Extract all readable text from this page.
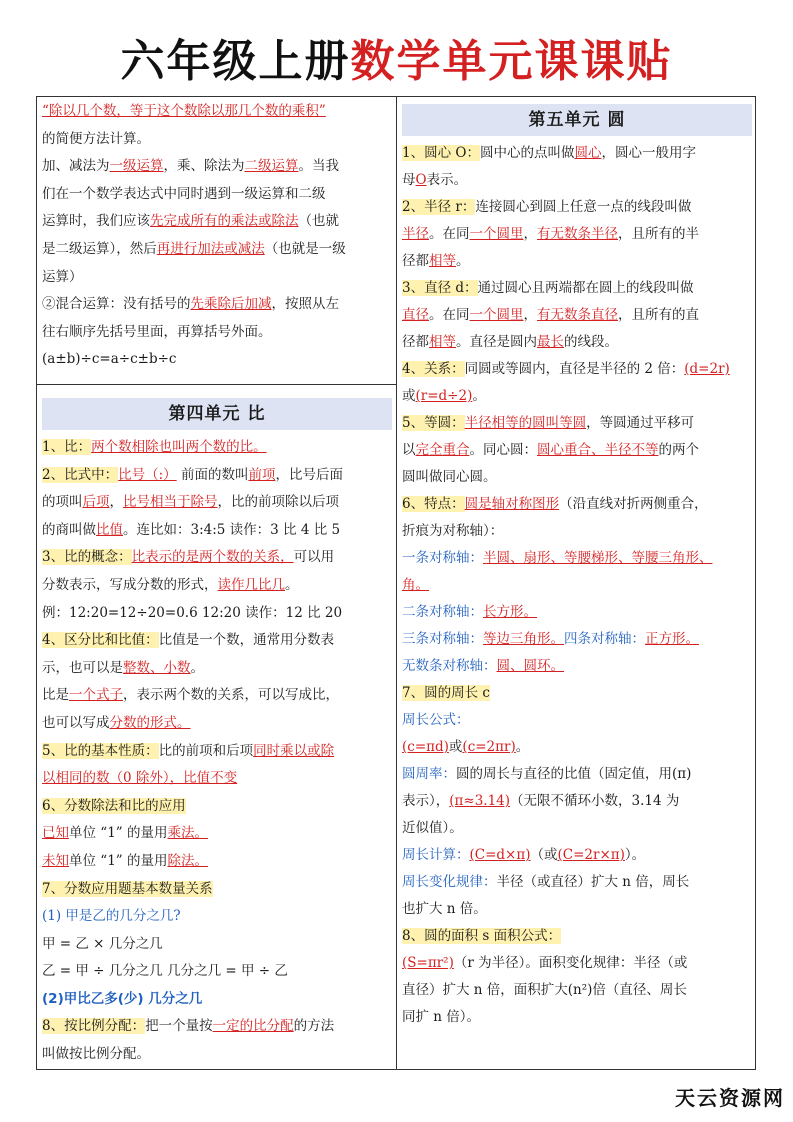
六年级上册数学单元课课贴
“除以几个数，等于这个数除以那几个数的乘积”
的简便方法计算。
加、减法为一级运算，乘、除法为二级运算。当我
们在一个数学表达式中同时遇到一级运算和二级
运算时，我们应该先完成所有的乘法或除法（也就
是二级运算），然后再进行加法或减法（也就是一级
运算）
②混合运算：没有括号的先乘除后加减，按照从左
往右顺序先括号里面，再算括号外面。
(a±b)÷c=a÷c±b÷c
第四单元 比
1、比：两个数相除也叫两个数的比。
2、比式中：比号（:） 前面的数叫前项，比号后面
的项叫后项，比号相当于除号，比的前项除以后项
的商叫做比值。连比如：3:4:5 读作：3 比 4 比 5
3、比的概念：比表示的是两个数的关系，可以用
分数表示，写成分数的形式，读作几比几。
例：12:20=12÷20=0.6 12:20 读作：12 比 20
4、区分比和比值：比值是一个数，通常用分数表
示，也可以是整数、小数。
比是一个式子，表示两个数的关系，可以写成比，
也可以写成分数的形式。
5、比的基本性质：比的前项和后项同时乘以或除
以相同的数（0 除外），比值不变
6、分数除法和比的应用
已知单位 “1” 的量用乘法。
未知单位 “1” 的量用除法。
7、分数应用题基本数量关系
(1) 甲是乙的几分之几?
甲 = 乙 × 几分之几
乙 = 甲 ÷ 几分之几 几分之几 = 甲 ÷ 乙
(2)甲比乙多(少) 几分之几
8、按比例分配：把一个量按一定的比分配的方法
叫做按比例分配。
第五单元 圆
1、圆心 O：圆中心的点叫做圆心，圆心一般用字
母O表示。
2、半径 r：连接圆心到圆上任意一点的线段叫做
半径。在同一个圆里，有无数条半径，且所有的半
径都相等。
3、直径 d：通过圆心且两端都在圆上的线段叫做
直径。在同一个圆里，有无数条直径，且所有的直
径都相等。直径是圆内最长的线段。
4、关系：同圆或等圆内，直径是半径的 2 倍：(d=2r)
或(r=d÷2)。
5、等圆：半径相等的圆叫等圆，等圆通过平移可
以完全重合。同心圆：圆心重合、半径不等的两个
圆叫做同心圆。
6、特点：圆是轴对称图形（沿直线对折两侧重合，
折痕为对称轴）：
一条对称轴：半圆、扇形、等腰梯形、等腰三角形、
角。
二条对称轴：长方形。
三条对称轴：等边三角形。四条对称轴：正方形。
无数条对称轴：圆、圆环。
7、圆的周长 c
周长公式：
(c=πd)或(c=2πr)。
圆周率：圆的周长与直径的比值（固定值，用(π)
表示），(π≈3.14)（无限不循环小数，3.14 为
近似值）。
周长计算：(C=d×π)（或(C=2r×π)）。
周长变化规律：半径（或直径）扩大 n 倍，周长
也扩大 n 倍。
8、圆的面积 s 面积公式：
(S=πr²)（r 为半径）。面积变化规律：半径（或
直径）扩大 n 倍，面积扩大(n²)倍（直径、周长
同扩 n 倍）。
天云资源网
